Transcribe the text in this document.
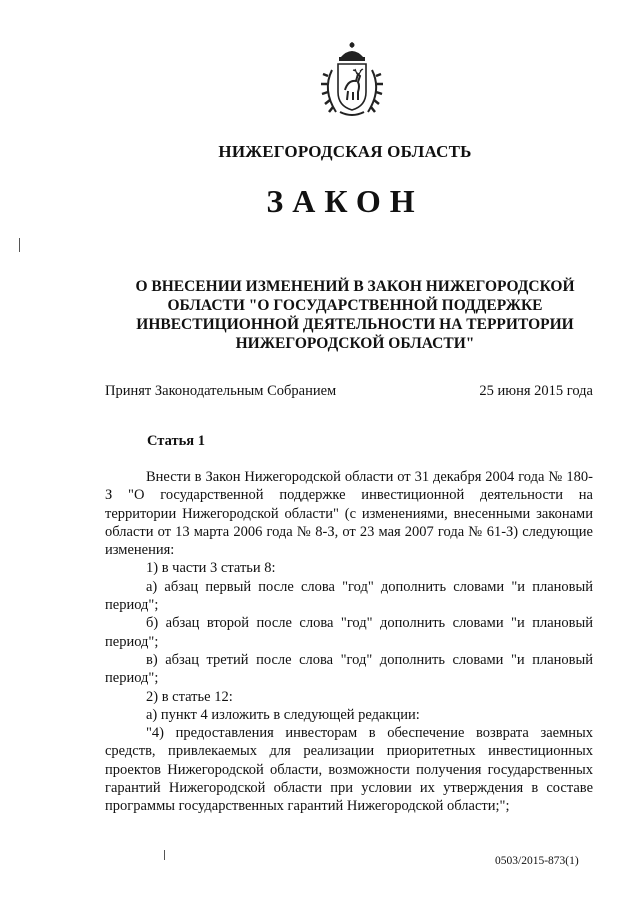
НИЖЕГОРОДСКАЯ ОБЛАСТЬ
ЗАКОН
О ВНЕСЕНИИ ИЗМЕНЕНИЙ В ЗАКОН НИЖЕГОРОДСКОЙ
ОБЛАСТИ "О ГОСУДАРСТВЕННОЙ ПОДДЕРЖКЕ
ИНВЕСТИЦИОННОЙ ДЕЯТЕЛЬНОСТИ НА ТЕРРИТОРИИ
НИЖЕГОРОДСКОЙ ОБЛАСТИ"
Принят Законодательным Собранием	25 июня 2015 года
Статья 1

Внести в Закон Нижегородской области от 31 декабря 2004 года № 180-З "О государственной поддержке инвестиционной деятельности на территории Нижегородской области" (с изменениями, внесенными законами области от 13 марта 2006 года № 8-З, от 23 мая 2007 года № 61-З) следующие изменения:

1) в части 3 статьи 8:

а) абзац первый после слова "год" дополнить словами "и плановый период";

б) абзац второй после слова "год" дополнить словами "и плановый период";

в) абзац третий после слова "год" дополнить словами "и плановый период";

2) в статье 12:

а) пункт 4 изложить в следующей редакции:

"4) предоставления инвесторам в обеспечение возврата заемных средств, привлекаемых для реализации приоритетных инвестиционных проектов Нижегородской области, возможности получения государственных гарантий Нижегородской области при условии их утверждения в составе программы государственных гарантий Нижегородской области;";

0503/2015-873(1)
